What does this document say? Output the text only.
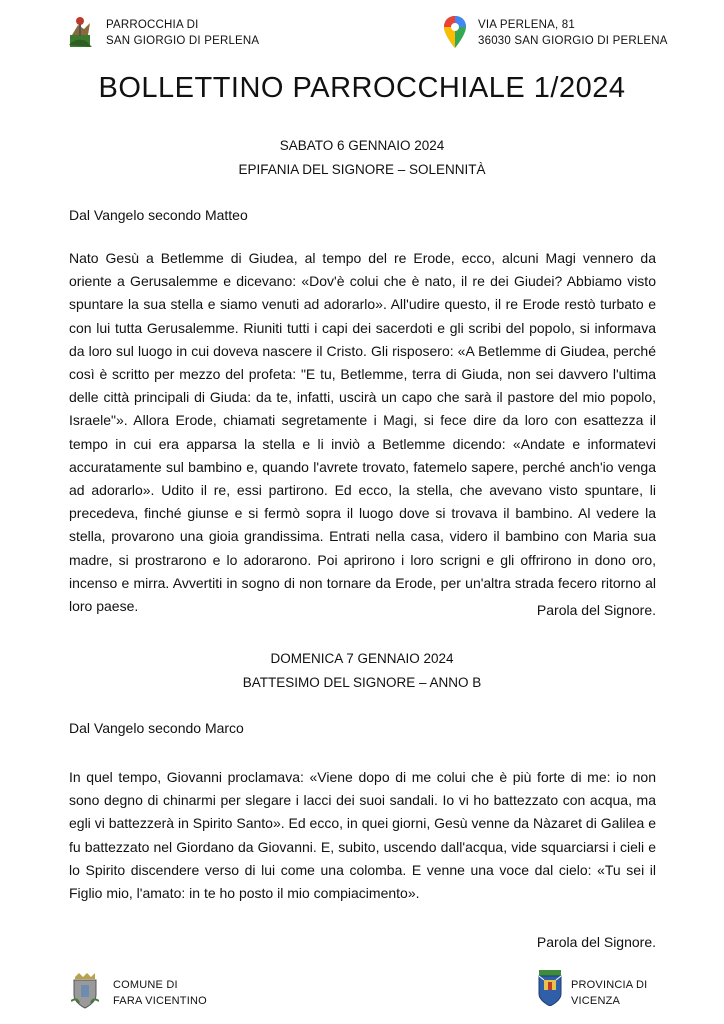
PARROCCHIA DI
SAN GIORGIO DI PERLENA
VIA PERLENA, 81
36030 SAN GIORGIO DI PERLENA
BOLLETTINO PARROCCHIALE 1/2024
SABATO 6 GENNAIO 2024
EPIFANIA DEL SIGNORE – SOLENNITÀ
Dal Vangelo secondo Matteo
Nato Gesù a Betlemme di Giudea, al tempo del re Erode, ecco, alcuni Magi vennero da oriente a Gerusalemme e dicevano: «Dov'è colui che è nato, il re dei Giudei? Abbiamo visto spuntare la sua stella e siamo venuti ad adorarlo». All'udire questo, il re Erode restò turbato e con lui tutta Gerusalemme. Riuniti tutti i capi dei sacerdoti e gli scribi del popolo, si informava da loro sul luogo in cui doveva nascere il Cristo. Gli risposero: «A Betlemme di Giudea, perché così è scritto per mezzo del profeta: "E tu, Betlemme, terra di Giuda, non sei davvero l'ultima delle città principali di Giuda: da te, infatti, uscirà un capo che sarà il pastore del mio popolo, Israele"». Allora Erode, chiamati segretamente i Magi, si fece dire da loro con esattezza il tempo in cui era apparsa la stella e li inviò a Betlemme dicendo: «Andate e informatevi accuratamente sul bambino e, quando l'avrete trovato, fatemelo sapere, perché anch'io venga ad adorarlo». Udito il re, essi partirono. Ed ecco, la stella, che avevano visto spuntare, li precedeva, finché giunse e si fermò sopra il luogo dove si trovava il bambino. Al vedere la stella, provarono una gioia grandissima. Entrati nella casa, videro il bambino con Maria sua madre, si prostrarono e lo adorarono. Poi aprirono i loro scrigni e gli offrirono in dono oro, incenso e mirra. Avvertiti in sogno di non tornare da Erode, per un'altra strada fecero ritorno al loro paese.	Parola del Signore.
DOMENICA 7 GENNAIO 2024
BATTESIMO DEL SIGNORE – ANNO B
Dal Vangelo secondo Marco
In quel tempo, Giovanni proclamava: «Viene dopo di me colui che è più forte di me: io non sono degno di chinarmi per slegare i lacci dei suoi sandali. Io vi ho battezzato con acqua, ma egli vi battezzerà in Spirito Santo». Ed ecco, in quei giorni, Gesù venne da Nàzaret di Galilea e fu battezzato nel Giordano da Giovanni. E, subito, uscendo dall'acqua, vide squarciarsi i cieli e lo Spirito discendere verso di lui come una colomba. E venne una voce dal cielo: «Tu sei il Figlio mio, l'amato: in te ho posto il mio compiacimento».
Parola del Signore.
COMUNE DI
FARA VICENTINO
PROVINCIA DI
VICENZA
